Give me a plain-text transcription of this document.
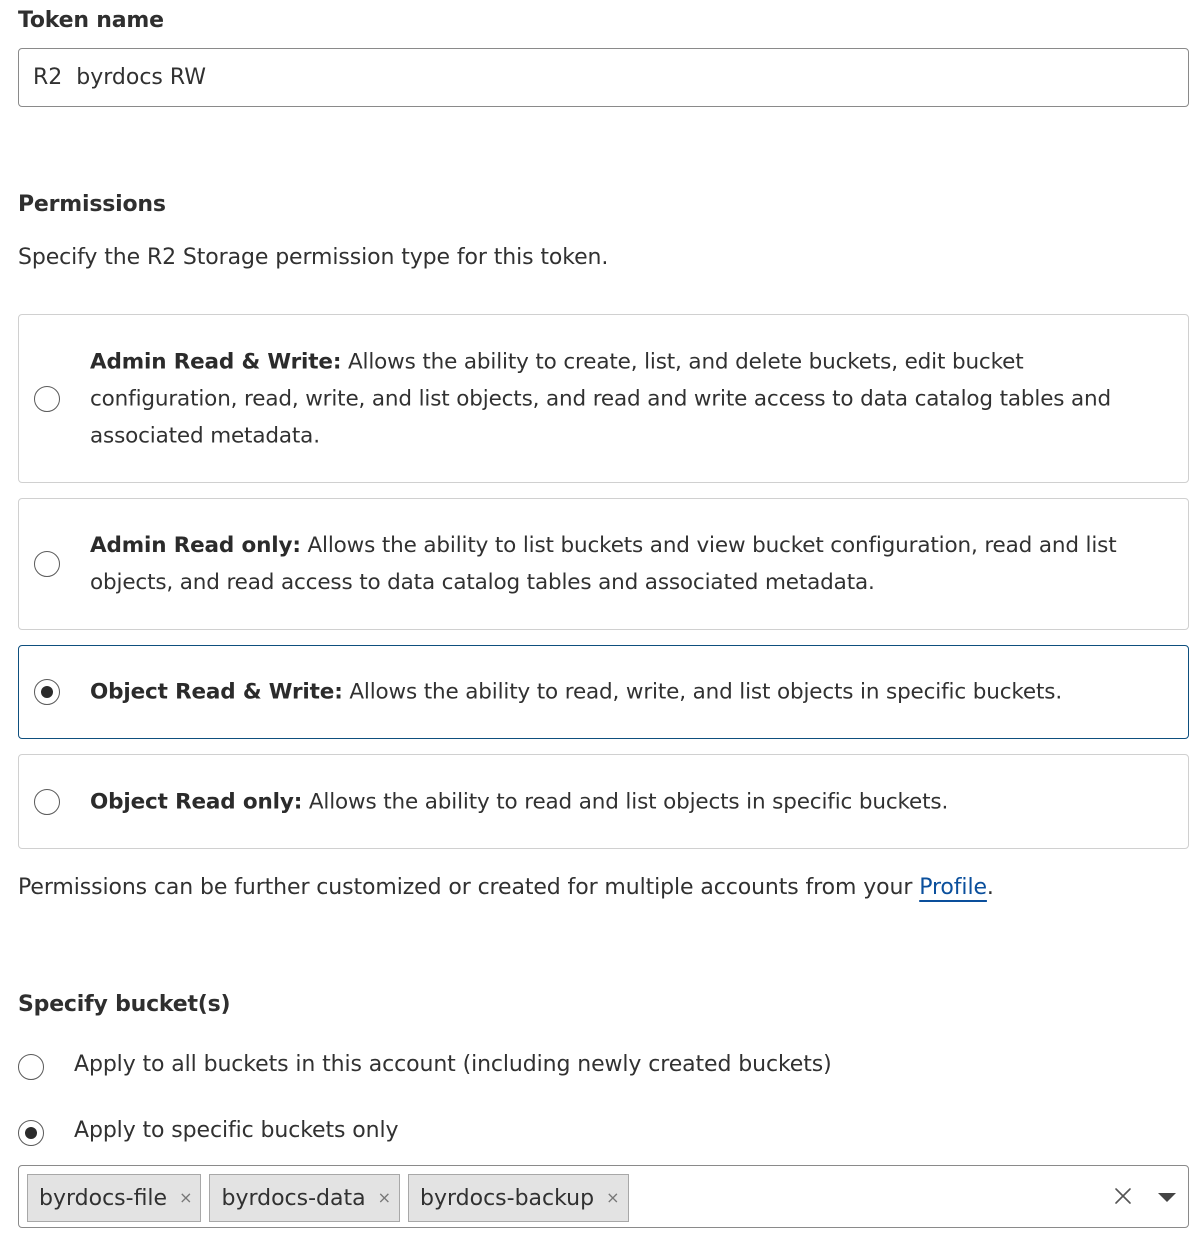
Token name
R2 byrdocs RW
Permissions
Specify the R2 Storage permission type for this token.
Admin Read & Write: Allows the ability to create, list, and delete buckets, edit bucket configuration, read, write, and list objects, and read and write access to data catalog tables and associated metadata.
Admin Read only: Allows the ability to list buckets and view bucket configuration, read and list objects, and read access to data catalog tables and associated metadata.
Object Read & Write: Allows the ability to read, write, and list objects in specific buckets.
Object Read only: Allows the ability to read and list objects in specific buckets.
Permissions can be further customized or created for multiple accounts from your Profile.
Specify bucket(s)
Apply to all buckets in this account (including newly created buckets)
Apply to specific buckets only
byrdocs-file × byrdocs-data × byrdocs-backup ×
